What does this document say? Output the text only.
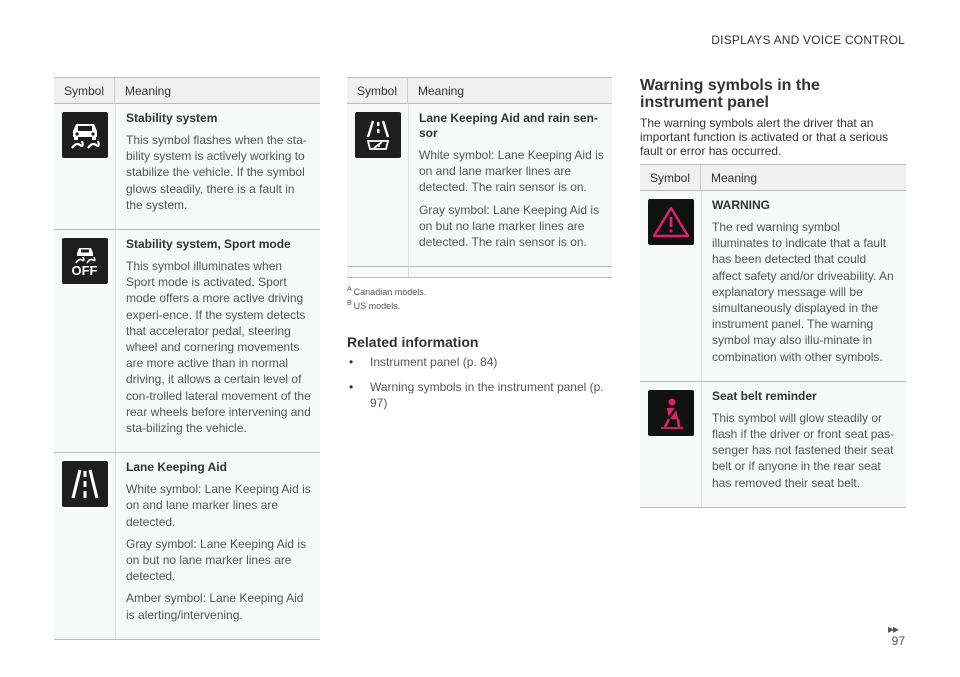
DISPLAYS AND VOICE CONTROL
Symbol	Meaning
Stability system
This symbol flashes when the sta-bility system is actively working to stabilize the vehicle. If the symbol glows steadily, there is a fault in the system.
OFF
Stability system, Sport mode
This symbol illuminates when Sport mode is activated. Sport mode offers a more active driving experi-ence. If the system detects that accelerator pedal, steering wheel and cornering movements are more active than in normal driving, it allows a certain level of con-trolled lateral movement of the rear wheels before intervening and sta-bilizing the vehicle.
Lane Keeping Aid
White symbol: Lane Keeping Aid is on and lane marker lines are detected.
Gray symbol: Lane Keeping Aid is on but no lane marker lines are detected.
Amber symbol: Lane Keeping Aid is alerting/intervening.
Symbol	Meaning
Lane Keeping Aid and rain sen-sor
White symbol: Lane Keeping Aid is on and lane marker lines are detected. The rain sensor is on.
Gray symbol: Lane Keeping Aid is on but no lane marker lines are detected. The rain sensor is on.
$^A$ Canadian models.
$^B$ US models.
Related information
• Instrument panel (p. 84)
• Warning symbols in the instrument panel (p. 97)
Warning symbols in the instrument panel
The warning symbols alert the driver that an important function is activated or that a serious fault or error has occurred.
Symbol	Meaning
WARNING
The red warning symbol illuminates to indicate that a fault has been detected that could affect safety and/or driveability. An explanatory message will be simultaneously displayed in the instrument panel. The warning symbol may also illu-minate in combination with other symbols.
Seat belt reminder
This symbol will glow steadily or flash if the driver or front seat pas-senger has not fastened their seat belt or if anyone in the rear seat has removed their seat belt.
▸▸
97
